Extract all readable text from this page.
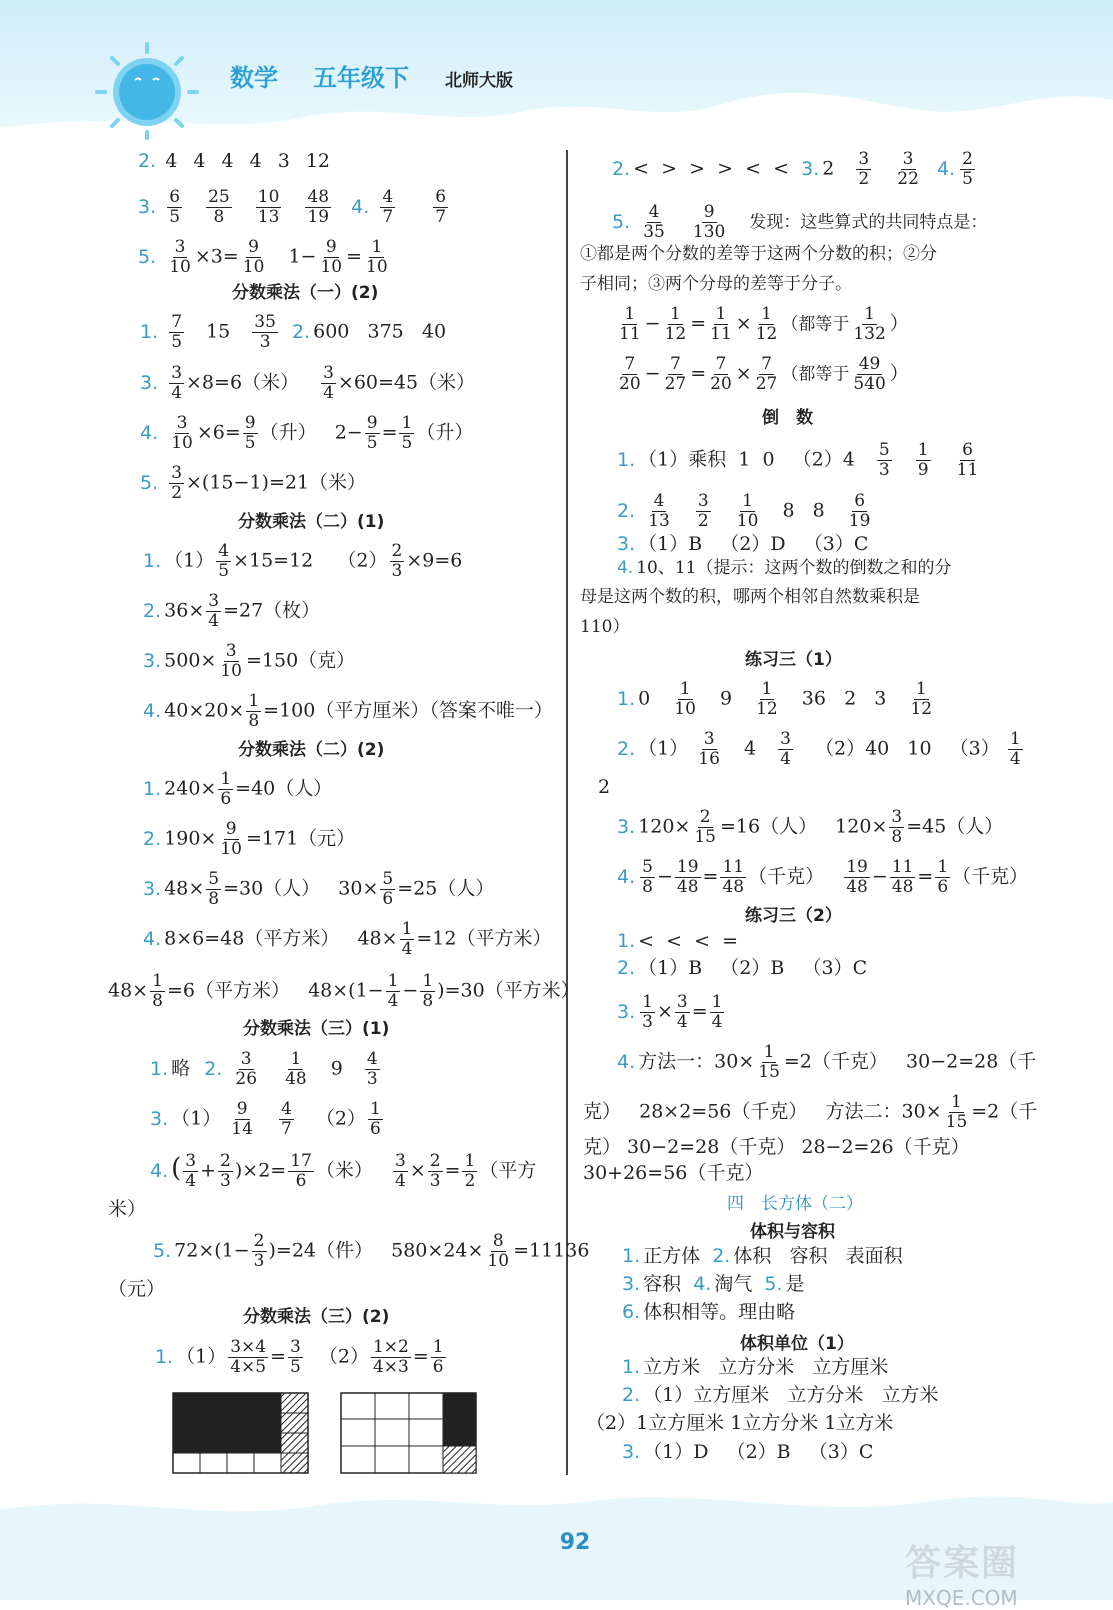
数学 五年级下 北师大版
2. 4 4 4 4 3 12
3. $\frac{6}{5}$
$\frac{25}{8}$
$\frac{10}{13}$
$\frac{48}{19} 4$. $\frac{4}{7}$
$\frac{6}{7}$
5. $\frac{3}{10} \times 3= \frac{9}{10} 1- \frac{9}{10} = \frac{1}{10}$
分数乘法（一）(2)
1. $\frac{7}{5} 15 \frac{35}{3} 2$. 600   375   40
3. $\frac{3}{4} \times 8=6$（米） $\frac{3}{4} \times 60=45$（米）
4. $\frac{3}{10} \times 6= \frac{9}{5}$ （升）   $2- \frac{9}{5} = \frac{1}{5}$ （升）
5. $\frac{3}{2} \times(15-1)=21$（米）
分数乘法（二）(1)
1. $(1) \frac{4}{5} \times 15=12$    $(2) \frac{2}{3} \times 9=6$
2. $36\times \frac{3}{4} =27$（枚）
3. $500\times \frac{3}{10} =150$（克）
4. $40\times 20\times \frac{1}{8} =100$（平方厘米）（答案不唯一）
分数乘法（二）(2)
1. $240\times \frac{1}{6} =40$（人）
2. $190\times \frac{9}{10} =171$（元）
3. $48\times \frac{5}{8} =30$（人）   $30\times \frac{5}{6} =25$（人）
4. 8×6=48（平方米）   $48\times \frac{1}{4} =12$（平方米）
$48\times \frac{1}{8} =6$（平方米）   $48\times(1- \frac{1}{4} - \frac{1}{8} )=30$（平方米）
分数乘法（三）(1)
1. 略 2. $\frac{3}{26}$
$\frac{1}{48} 9 \frac{4}{3}$
3. $(1) \frac{9}{14}$
$\frac{4}{7} (2) \frac{1}{6}$
4. ( $\frac{3}{4} + \frac{2}{3} )\times 2= \frac{17}{6}$ （米） $\frac{3}{4} \times \frac{2}{3} = \frac{1}{2}$ （平方
米）
5. $72\times(1- \frac{2}{3} )=24$（件）   $580\times 24\times \frac{8}{10} =11136$
（元）
分数乘法（三）(2)
1. $(1) \frac{3\times 4}{4\times 5} = \frac{3}{5} (2) \frac{1\times 2}{4\times 3} = \frac{1}{6}$
2. <  >  >  >  <  < 3. $2 \frac{3}{2}$
$\frac{3}{22} 4$. $\frac{2}{5}$
5. $\frac{4}{35}$
$\frac{9}{130}$ 发现：这些算式的共同特点是：
①都是两个分数的差等于这两个分数的积；②分
子相同；③两个分母的差等于分子。
$\frac{1}{11} - \frac{1}{12} = \frac{1}{11} \times \frac{1}{12}$ （都等于 $\frac{1}{132}$ ）
$\frac{7}{20} - \frac{7}{27} = \frac{7}{20} \times \frac{7}{27}$ （都等于 $\frac{49}{540}$ ）
倒　数
1. （1）乘积  1  0   $(2)4 \frac{5}{3}$
$\frac{1}{9}$
$\frac{6}{11}$
2. $\frac{4}{13}$
$\frac{3}{2}$
$\frac{1}{10} 8$   $8 \frac{6}{19}$
3. （1）B   （2）D   （3）C
4. 10、11（提示：这两个数的倒数之和的分
母是这两个数的积，哪两个相邻自然数乘积是
110）
练习三（1）
1. $0 \frac{1}{10} 9 \frac{1}{12} 36$   2   $3 \frac{1}{12}$
2. $(1) \frac{3}{16} 4 \frac{3}{4} (2)40$   10   $(3) \frac{1}{4}$
2
3. $120\times \frac{2}{15} =16$（人）   $120\times \frac{3}{8} =45$（人）
4. $\frac{5}{8} - \frac{19}{48} = \frac{11}{48}$ （千克） $\frac{19}{48} - \frac{11}{48} = \frac{1}{6}$ （千克）
练习三（2）
1. <  <  <  =
2. （1）B   （2）B   （3）C
3. $\frac{1}{3} \times \frac{3}{4} = \frac{1}{4}$
4. 方法一：$30\times \frac{1}{15} =2$（千克）   30−2=28（千
克）   28×2=56（千克）   方法二：$30\times \frac{1}{15} =2$（千
克） 30−2=28（千克） 28−2=26（千克）
30+26=56（千克）
四　长方体（二）
体积与容积
1. 正方体 2. 体积   容积   表面积
3. 容积 4. 淘气 5. 是
6. 体积相等。理由略
体积单位（1）
1. 立方米   立方分米   立方厘米
2. （1）立方厘米   立方分米   立方米
（2）1立方厘米 1立方分米 1立方米
3. （1）D   （2）B   （3）C
92
答案圈
MXQE.COM
